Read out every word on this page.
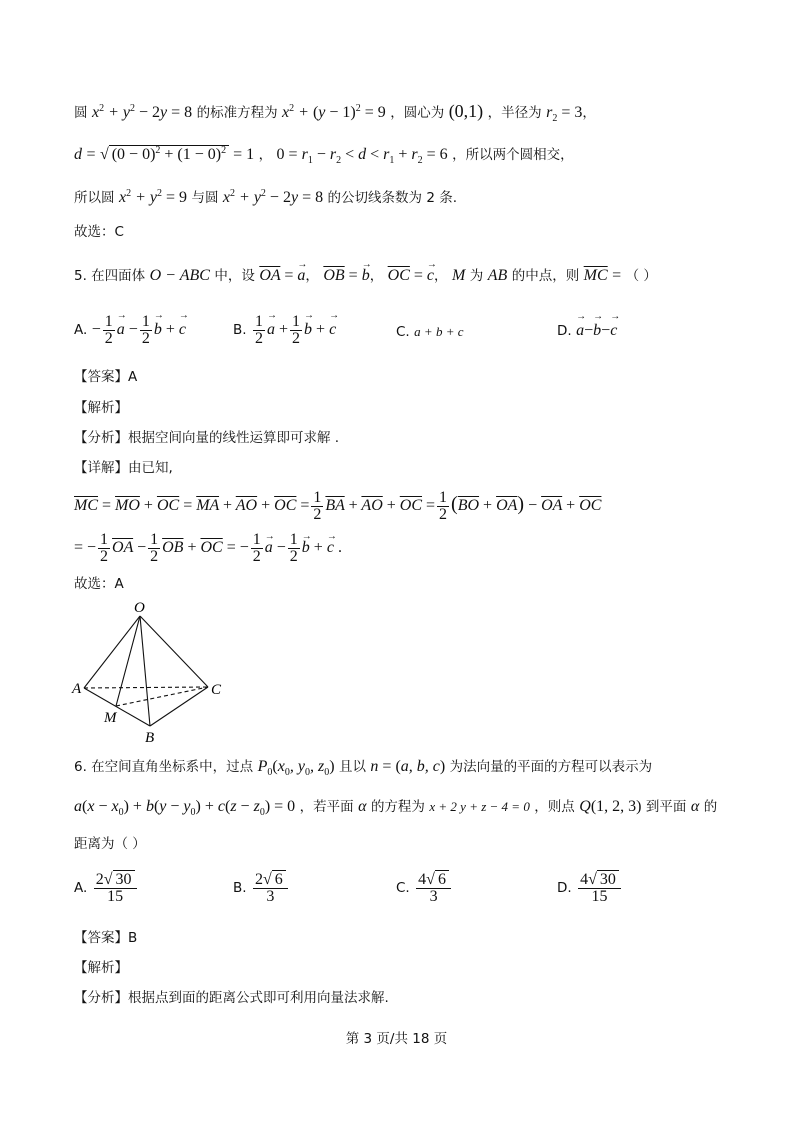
圆 $x^2 + y^2 - 2y = 8$ 的标准方程为 $x^2 + (y - 1)^2 = 9$ ，圆心为 (0,1) ，半径为 $r_2 = 3$，
d = √ $(0 - 0)^2 + (1 - 0)^2 = 1$ ， $0 = r_1 - r_2 < d < r_1 + r_2 = 6$ ，所以两个圆相交，
所以圆 $x^2 + y^2 = 9$ 与圆 $x^2 + y^2 - 2y = 8$ 的公切线条数为 2 条.
故选：C
5. 在四面体 O − ABC 中，设 $\overline{OA}$ = → a， $\overline{OB}$ = → b， $\overline{OC}$ = → c， M 为 AB 的中点，则 $\overline{MC}$ = （ ）
A. − $\frac{1}{2} \to a - \frac{1}{2} \to b$ + → c	B. $\frac{1}{2} \to a + \frac{1}{2} \to b$ + → c	C. a + b + c	D. → a−→ b−→ c
【答案】A
【解析】
【分析】根据空间向量的线性运算即可求解 .
【详解】由已知,
$\overline{MC} = \overline{MO} + \overline{OC} = \overline{MA} + \overline{AO} + \overline{OC} = \frac{1}{2} \overline{BA} + \overline{AO} + \overline{OC} = \frac{1}{2} (\overline{BO} + \overline{OA}) - \overline{OA} + \overline{OC}$
= − $\frac{1}{2} \overline{OA} - \frac{1}{2} \overline{OB} + \overline{OC}$ = − $\frac{1}{2} \to a - \frac{1}{2} \to b$ + → c .
故选：A
O
A
B
C
M
6. 在空间直角坐标系中，过点 $P_0(x_0$, $y_0$, $z_0$) 且以 n = (a, b, c) 为法向量的平面的方程可以表示为
$a(x - x_0) + b(y - y_0) + c(z - z_0) = 0$ ，若平面 α 的方程为 x + 2 y + z − 4 = 0 ，则点 Q(1, 2, 3) 到平面 α 的
距离为（ ）
A. $\frac{2√ 30}{15}$	B. $\frac{2√ 6}{3}$	C. $\frac{4√ 6}{3}$	D. $\frac{4√ 30}{15}$
【答案】B
【解析】
【分析】根据点到面的距离公式即可利用向量法求解.
第 3 页/共 18 页
